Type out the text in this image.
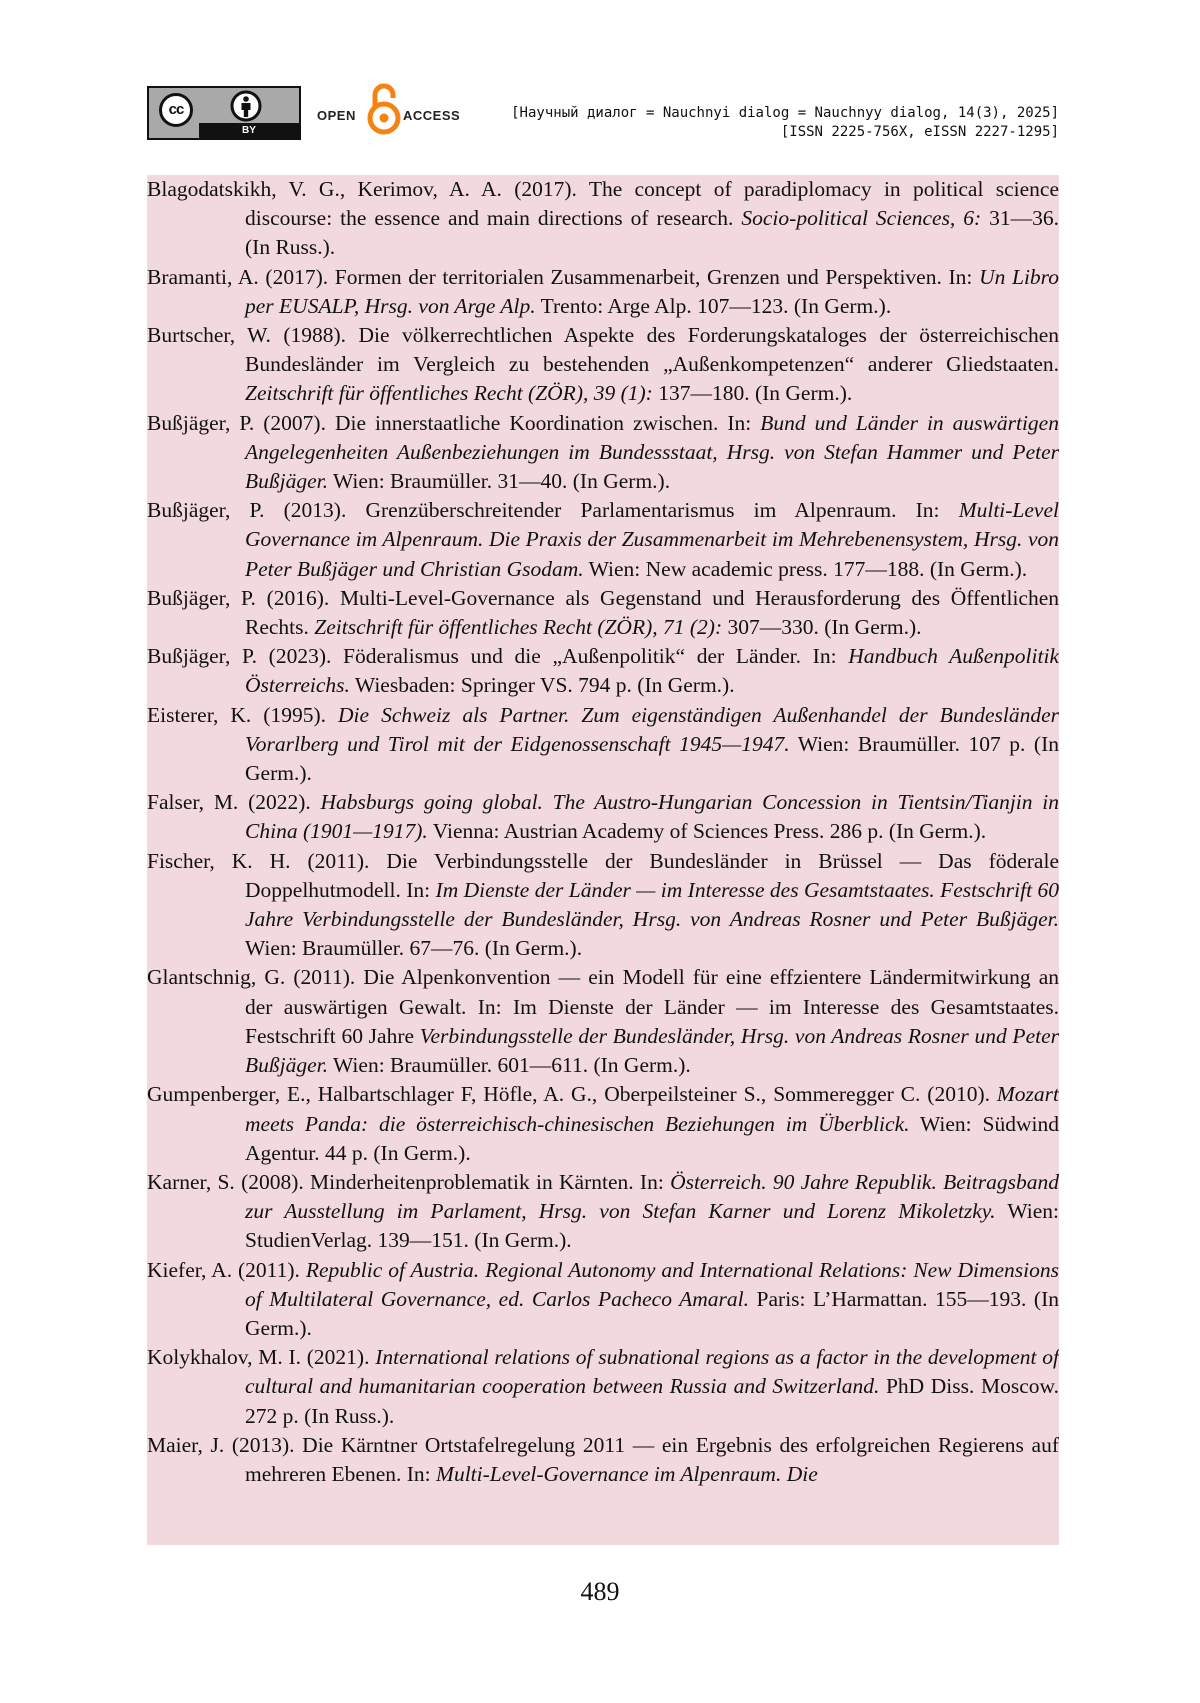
cc
BY
OPEN	ACCESS	[Научный диалог = Nauchnyi dialog = Nauchnyy dialog, 14(3), 2025]
[ISSN 2225-756X, eISSN 2227-1295]

Blagodatskikh, V. G., Kerimov, A. A. (2017). The concept of paradiplomacy in political science discourse: the essence and main directions of research. Socio-political Sciences, 6: 31—36. (In Russ.).

Bramanti, A. (2017). Formen der territorialen Zusammenarbeit, Grenzen und Perspektiven. In: Un Libro per EUSALP, Hrsg. von Arge Alp. Trento: Arge Alp. 107—123. (In Germ.).

Burtscher, W. (1988). Die völkerrechtlichen Aspekte des Forderungskataloges der österreichischen Bundesländer im Vergleich zu bestehenden „Außenkompetenzen“ anderer Gliedstaaten. Zeitschrift für öffentliches Recht (ZÖR), 39 (1): 137—180. (In Germ.).

Bußjäger, P. (2007). Die innerstaatliche Koordination zwischen. In: Bund und Länder in auswärtigen Angelegenheiten Außenbeziehungen im Bundessstaat, Hrsg. von Stefan Hammer und Peter Bußjäger. Wien: Braumüller. 31—40. (In Germ.).

Bußjäger, P. (2013). Grenzüberschreitender Parlamentarismus im Alpenraum. In: Multi-Level Governance im Alpenraum. Die Praxis der Zusammenarbeit im Mehrebenensystem, Hrsg. von Peter Bußjäger und Christian Gsodam. Wien: New academic press. 177—188. (In Germ.).

Bußjäger, P. (2016). Multi-Level-Governance als Gegenstand und Herausforderung des Öffentlichen Rechts. Zeitschrift für öffentliches Recht (ZÖR), 71 (2): 307—330. (In Germ.).

Bußjäger, P. (2023). Föderalismus und die „Außenpolitik“ der Länder. In: Handbuch Außenpolitik Österreichs. Wiesbaden: Springer VS. 794 p. (In Germ.).

Eisterer, K. (1995). Die Schweiz als Partner. Zum eigenständigen Außenhandel der Bundesländer Vorarlberg und Tirol mit der Eidgenossenschaft 1945—1947. Wien: Braumüller. 107 p. (In Germ.).

Falser, M. (2022). Habsburgs going global. The Austro-Hungarian Concession in Tientsin/Tianjin in China (1901—1917). Vienna: Austrian Academy of Sciences Press. 286 p. (In Germ.).

Fischer, K. H. (2011). Die Verbindungsstelle der Bundesländer in Brüssel — Das föderale Doppelhutmodell. In: Im Dienste der Länder — im Interesse des Gesamtstaates. Festschrift 60 Jahre Verbindungsstelle der Bundesländer, Hrsg. von Andreas Rosner und Peter Bußjäger. Wien: Braumüller. 67—76. (In Germ.).

Glantschnig, G. (2011). Die Alpenkonvention — ein Modell für eine effzientere Ländermitwirkung an der auswärtigen Gewalt. In: Im Dienste der Länder — im Interesse des Gesamtstaates. Festschrift 60 Jahre Verbindungsstelle der Bundesländer, Hrsg. von Andreas Rosner und Peter Bußjäger. Wien: Braumüller. 601—611. (In Germ.).

Gumpenberger, E., Halbartschlager F, Höfle, A. G., Oberpeilsteiner S., Sommeregger C. (2010). Mozart meets Panda: die österreichisch-chinesischen Beziehungen im Überblick. Wien: Südwind Agentur. 44 p. (In Germ.).

Karner, S. (2008). Minderheitenproblematik in Kärnten. In: Österreich. 90 Jahre Republik. Beitragsband zur Ausstellung im Parlament, Hrsg. von Stefan Karner und Lorenz Mikoletzky. Wien: StudienVerlag. 139—151. (In Germ.).

Kiefer, A. (2011). Republic of Austria. Regional Autonomy and International Relations: New Dimensions of Multilateral Governance, ed. Carlos Pacheco Amaral. Paris: L’Harmattan. 155—193. (In Germ.).

Kolykhalov, M. I. (2021). International relations of subnational regions as a factor in the development of cultural and humanitarian cooperation between Russia and Switzerland. PhD Diss. Moscow. 272 p. (In Russ.).

Maier, J. (2013). Die Kärntner Ortstafelregelung 2011 — ein Ergebnis des erfolgreichen Regierens auf mehreren Ebenen. In: Multi-Level-Governance im Alpenraum. Die

489
